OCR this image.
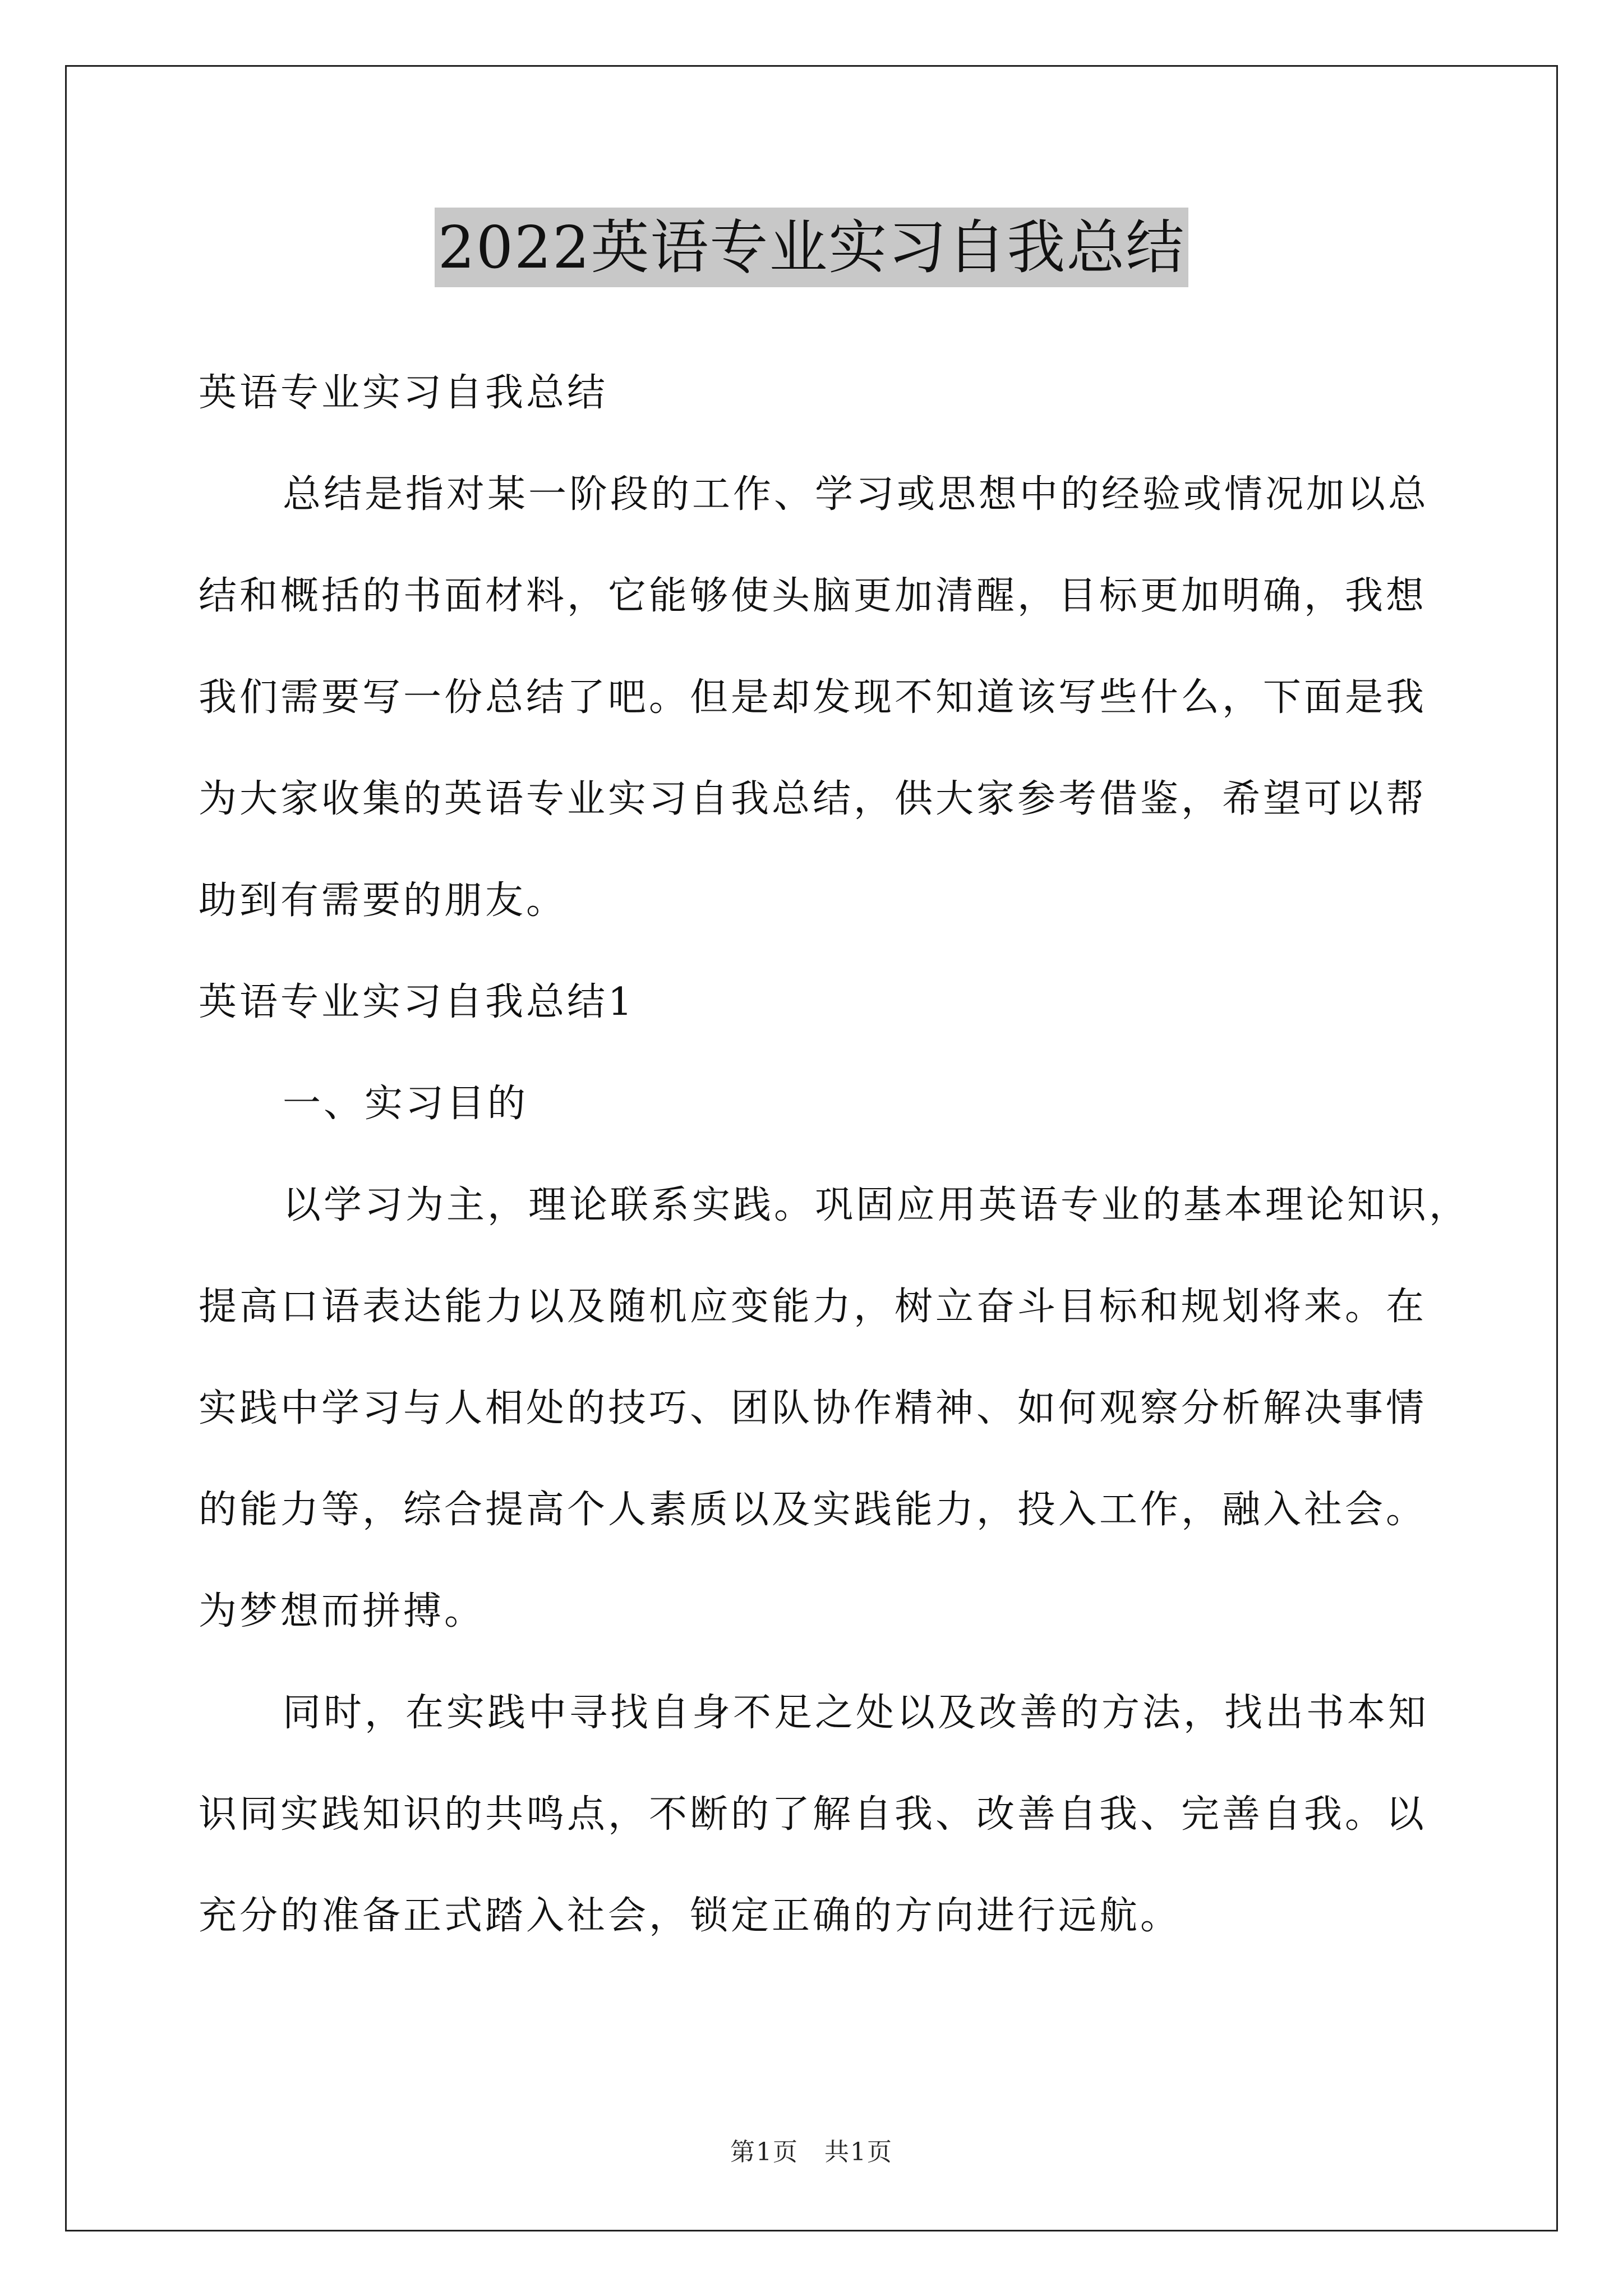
2022英语专业实习自我总结

英语专业实习自我总结

总结是指对某一阶段的工作、学习或思想中的经验或情况加以总

结和概括的书面材料，它能够使头脑更加清醒，目标更加明确，我想

我们需要写一份总结了吧。但是却发现不知道该写些什么，下面是我

为大家收集的英语专业实习自我总结，供大家参考借鉴，希望可以帮

助到有需要的朋友。

英语专业实习自我总结1

一、实习目的

以学习为主，理论联系实践。巩固应用英语专业的基本理论知识，

提高口语表达能力以及随机应变能力，树立奋斗目标和规划将来。在

实践中学习与人相处的技巧、团队协作精神、如何观察分析解决事情

的能力等，综合提高个人素质以及实践能力，投入工作，融入社会。

为梦想而拼搏。

同时，在实践中寻找自身不足之处以及改善的方法，找出书本知

识同实践知识的共鸣点，不断的了解自我、改善自我、完善自我。以

充分的准备正式踏入社会，锁定正确的方向进行远航。

第1页　共1页
